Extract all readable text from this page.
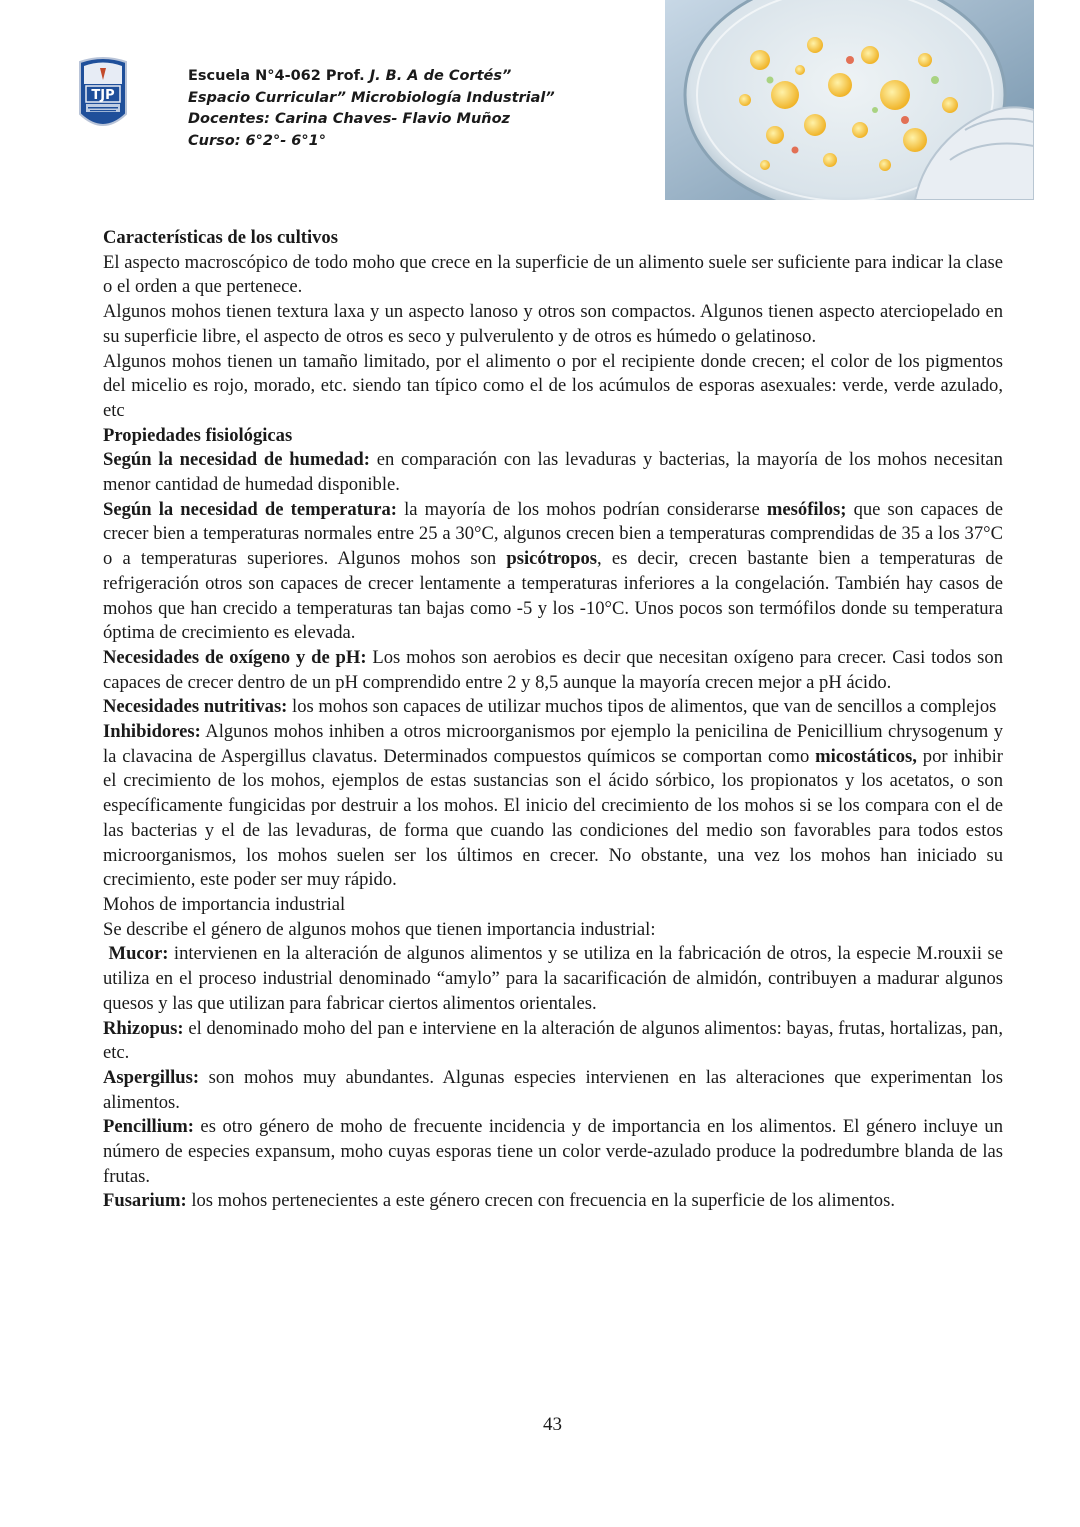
TJP
Escuela N°4-062 Prof. J. B. A de Cortés”
Espacio Curricular” Microbiología Industrial”
Docentes: Carina Chaves- Flavio Muñoz
Curso: 6°2°- 6°1°

Características de los cultivos

El aspecto macroscópico de todo moho que crece en la superficie de un alimento suele ser suficiente para indicar la clase o el orden a que pertenece.

Algunos mohos tienen textura laxa y un aspecto lanoso y otros son compactos. Algunos tienen aspecto aterciopelado en su superficie libre, el aspecto de otros es seco y pulverulento y de otros es húmedo o gelatinoso.

Algunos mohos tienen un tamaño limitado, por el alimento o por el recipiente donde crecen; el color de los pigmentos del micelio es rojo, morado, etc. siendo tan típico como el de los acúmulos de esporas asexuales: verde, verde azulado, etc

Propiedades fisiológicas

Según la necesidad de humedad: en comparación con las levaduras y bacterias, la mayoría de los mohos necesitan menor cantidad de humedad disponible.

Según la necesidad de temperatura: la mayoría de los mohos podrían considerarse mesófilos; que son capaces de crecer bien a temperaturas normales entre 25 a 30°C, algunos crecen bien a temperaturas comprendidas de 35 a los 37°C o a temperaturas superiores. Algunos mohos son psicótropos, es decir, crecen bastante bien a temperaturas de refrigeración otros son capaces de crecer lentamente a temperaturas inferiores a la congelación. También hay casos de mohos que han crecido a temperaturas tan bajas como -5 y los -10°C. Unos pocos son termófilos donde su temperatura óptima de crecimiento es elevada.

Necesidades de oxígeno y de pH: Los mohos son aerobios es decir que necesitan oxígeno para crecer. Casi todos son capaces de crecer dentro de un pH comprendido entre 2 y 8,5 aunque la mayoría crecen mejor a pH ácido.

Necesidades nutritivas: los mohos son capaces de utilizar muchos tipos de alimentos, que van de sencillos a complejos

Inhibidores: Algunos mohos inhiben a otros microorganismos por ejemplo la penicilina de Penicillium chrysogenum y la clavacina de Aspergillus clavatus. Determinados compuestos químicos se comportan como micostáticos, por inhibir el crecimiento de los mohos, ejemplos de estas sustancias son el ácido sórbico, los propionatos y los acetatos, o son específicamente fungicidas por destruir a los mohos. El inicio del crecimiento de los mohos si se los compara con el de las bacterias y el de las levaduras, de forma que cuando las condiciones del medio son favorables para todos estos microorganismos, los mohos suelen ser los últimos en crecer. No obstante, una vez los mohos han iniciado su crecimiento, este poder ser muy rápido.

Mohos de importancia industrial

Se describe el género de algunos mohos que tienen importancia industrial:

Mucor: intervienen en la alteración de algunos alimentos y se utiliza en la fabricación de otros, la especie M.rouxii se utiliza en el proceso industrial denominado “amylo” para la sacarificación de almidón, contribuyen a madurar algunos quesos y las que utilizan para fabricar ciertos alimentos orientales.

Rhizopus: el denominado moho del pan e interviene en la alteración de algunos alimentos: bayas, frutas, hortalizas, pan, etc.

Aspergillus: son mohos muy abundantes. Algunas especies intervienen en las alteraciones que experimentan los alimentos.

Pencillium: es otro género de moho de frecuente incidencia y de importancia en los alimentos. El género incluye un número de especies expansum, moho cuyas esporas tiene un color verde-azulado produce la podredumbre blanda de las frutas.

Fusarium: los mohos pertenecientes a este género crecen con frecuencia en la superficie de los alimentos.

43
